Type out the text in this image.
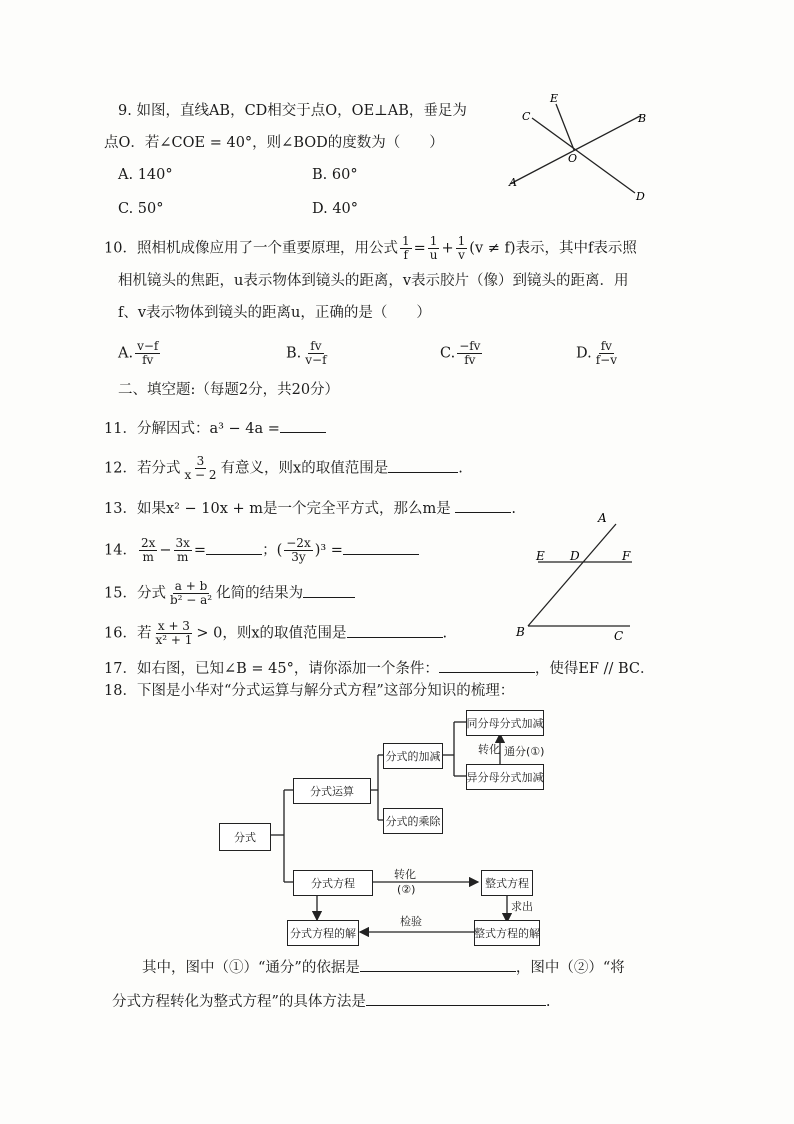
9. 如图，直线AB，CD相交于点O，OE⊥AB，垂足为
点O．若∠COE = 40°，则∠BOD的度数为（　　）
A. 140°	B. 60°
C. 50°	D. 40°
E
C	B
O
A
D
10．照相机成像应用了一个重要原理，用公式 $\frac{1}{f} = \frac{1}{u} + \frac{1}{v} (v \ne f)$表示，其中f表示照
相机镜头的焦距，u表示物体到镜头的距离，v表示胶片（像）到镜头的距离．用
f、v表示物体到镜头的距离u，正确的是（　　）
A. $\frac{v-f}{fv}$	B. $\frac{fv}{v-f}$	C. $\frac{-fv}{fv}$	D. $\frac{fv}{f-v}$
二、填空题:（每题2分，共20分）
11．分解因式：a³ − 4a =
12．若分式 $\frac{3}{x - 2}$ 有意义，则x的取值范围是	.
13．如果x² − 10x + m是一个完全平方式，那么m是	.
14． $\frac{2x}{m} - \frac{3x}{m}$ =	；( $\frac{-2x}{3y} )^3$ =
15．分式 $\frac{a + b}{\text{b² − a²}}$ 化简的结果为
16．若 $\frac{x + 3}{\text{x² + 1}} > 0$，则x的取值范围是	.
17．如右图，已知∠B = 45°，请你添加一个条件：	，使得EF // BC．
A
E D	F
B	C
18．下图是小华对“分式运算与解分式方程”这部分知识的梳理：
分式
分式运算
分式的加减
分式的乘除
同分母分式加减
异分母分式加减
转化 通分(①)
分式方程	整式方程
转化
(②)
求出
整式方程的解
检验
分式方程的解
其中，图中（①）“通分”的依据是	，图中（②）“将
分式方程转化为整式方程”的具体方法是	.
